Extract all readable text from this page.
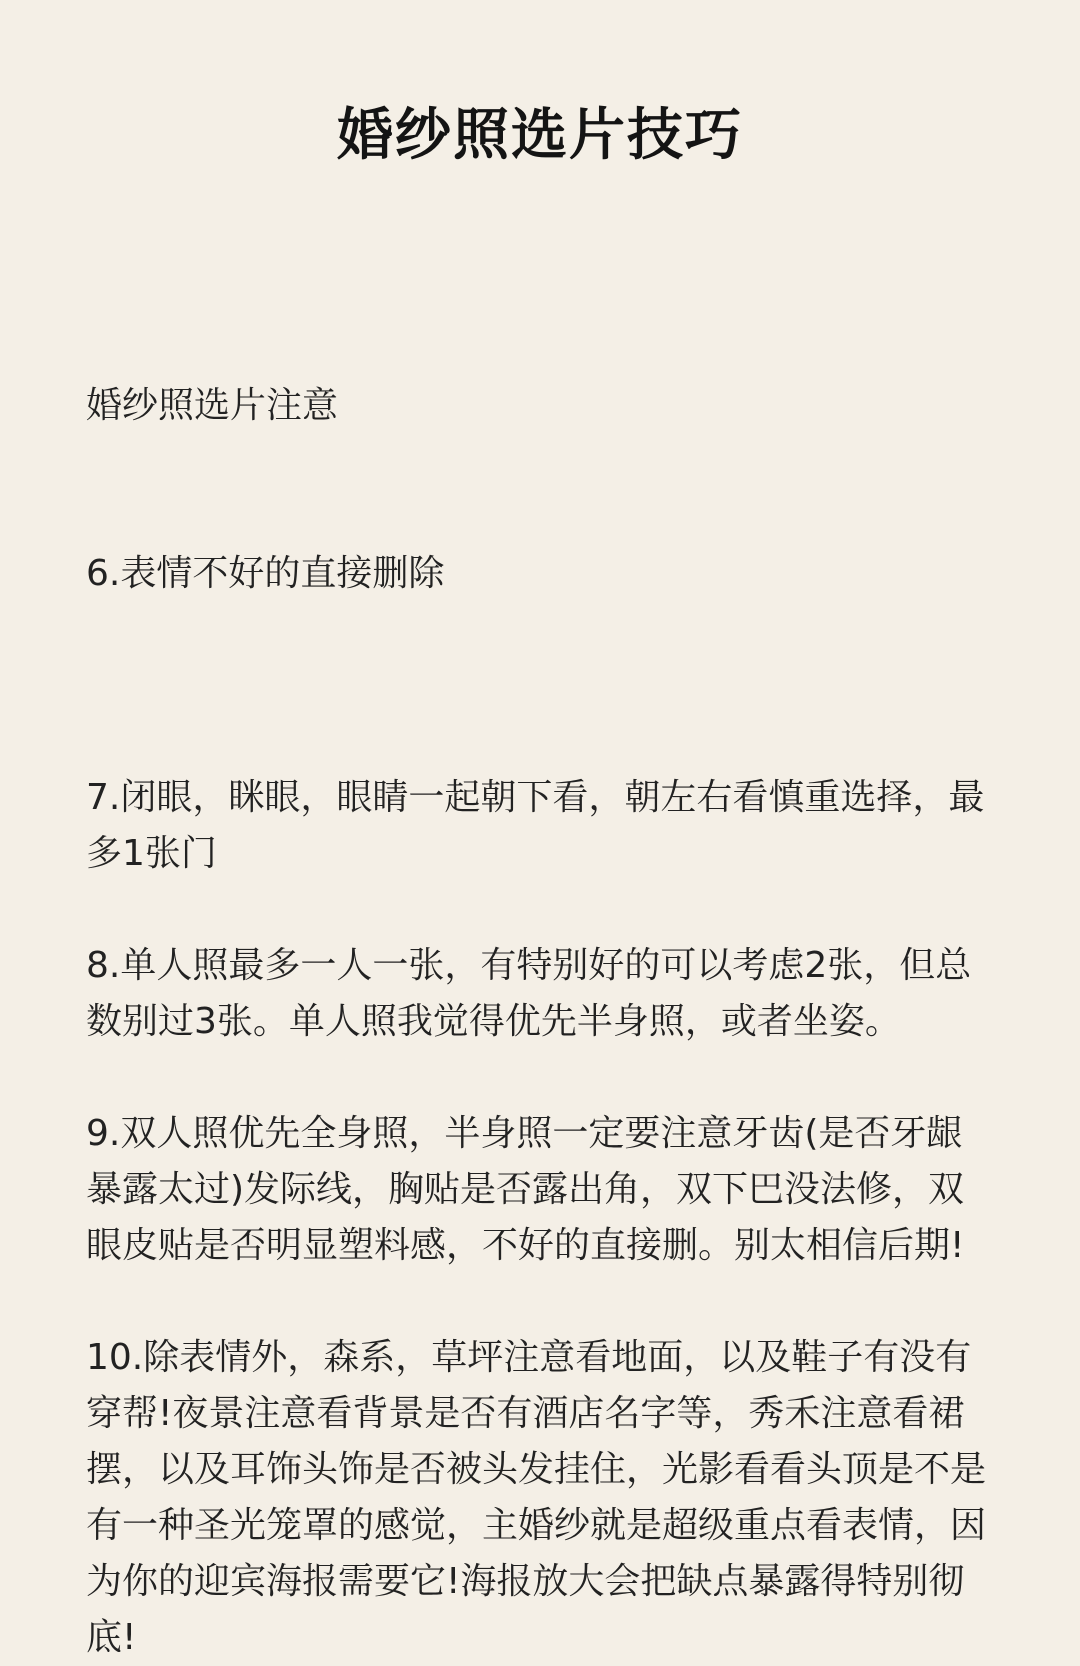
婚纱照选片技巧

婚纱照选片注意

6.表情不好的直接删除

7.闭眼，眯眼，眼睛一起朝下看，朝左右看慎重选择，最多1张门

8.单人照最多一人一张，有特别好的可以考虑2张，但总数别过3张。单人照我觉得优先半身照，或者坐姿。

9.双人照优先全身照，半身照一定要注意牙齿(是否牙龈暴露太过)发际线，胸贴是否露出角，双下巴没法修，双眼皮贴是否明显塑料感，不好的直接删。别太相信后期!

10.除表情外，森系，草坪注意看地面，以及鞋子有没有穿帮!夜景注意看背景是否有酒店名字等，秀禾注意看裙摆，以及耳饰头饰是否被头发挂住，光影看看头顶是不是有一种圣光笼罩的感觉，主婚纱就是超级重点看表情，因为你的迎宾海报需要它!海报放大会把缺点暴露得特别彻底!
